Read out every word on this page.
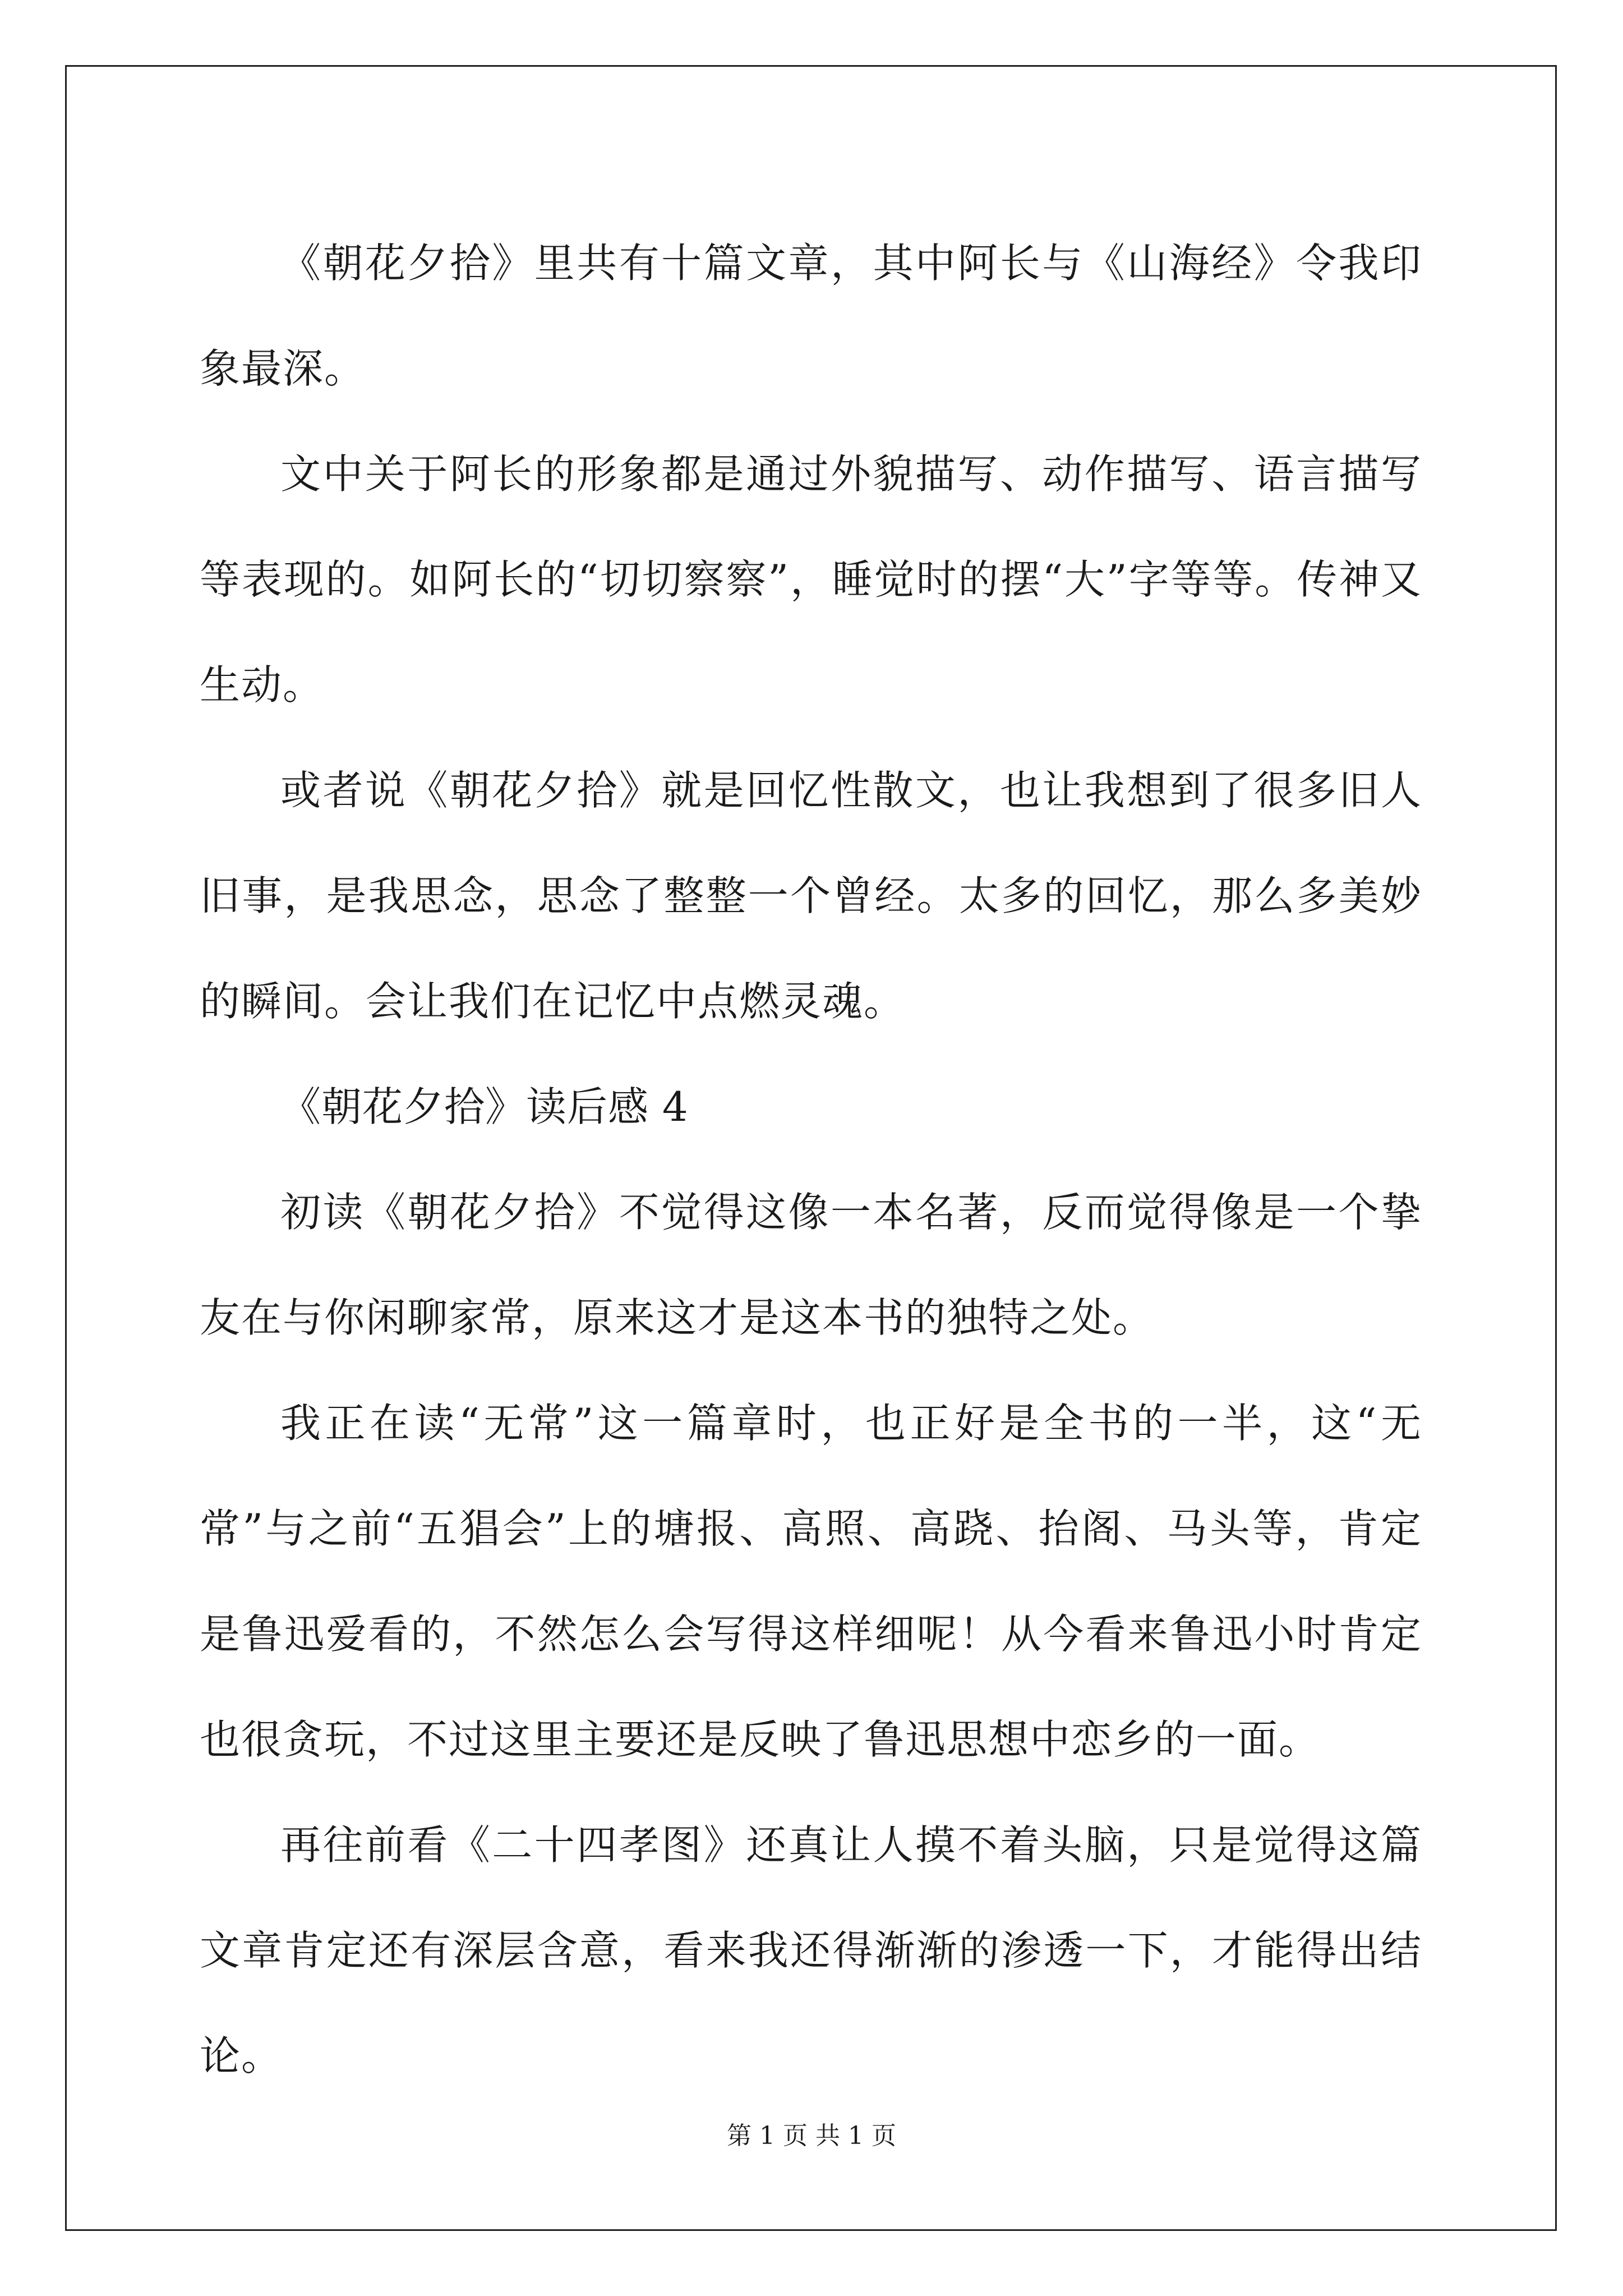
《朝花夕拾》里共有十篇文章，其中阿长与《山海经》令我印象最深。

文中关于阿长的形象都是通过外貌描写、动作描写、语言描写等表现的。如阿长的“切切察察”，睡觉时的摆“大”字等等。传神又生动。

或者说《朝花夕拾》就是回忆性散文，也让我想到了很多旧人旧事，是我思念，思念了整整一个曾经。太多的回忆，那么多美妙的瞬间。会让我们在记忆中点燃灵魂。

《朝花夕拾》读后感 4

初读《朝花夕拾》不觉得这像一本名著，反而觉得像是一个挚友在与你闲聊家常，原来这才是这本书的独特之处。

我正在读“无常”这一篇章时，也正好是全书的一半，这“无常”与之前“五猖会”上的塘报、高照、高跷、抬阁、马头等，肯定是鲁迅爱看的，不然怎么会写得这样细呢！从今看来鲁迅小时肯定也很贪玩，不过这里主要还是反映了鲁迅思想中恋乡的一面。

再往前看《二十四孝图》还真让人摸不着头脑，只是觉得这篇文章肯定还有深层含意，看来我还得渐渐的渗透一下，才能得出结论。

第 1 页 共 1 页
